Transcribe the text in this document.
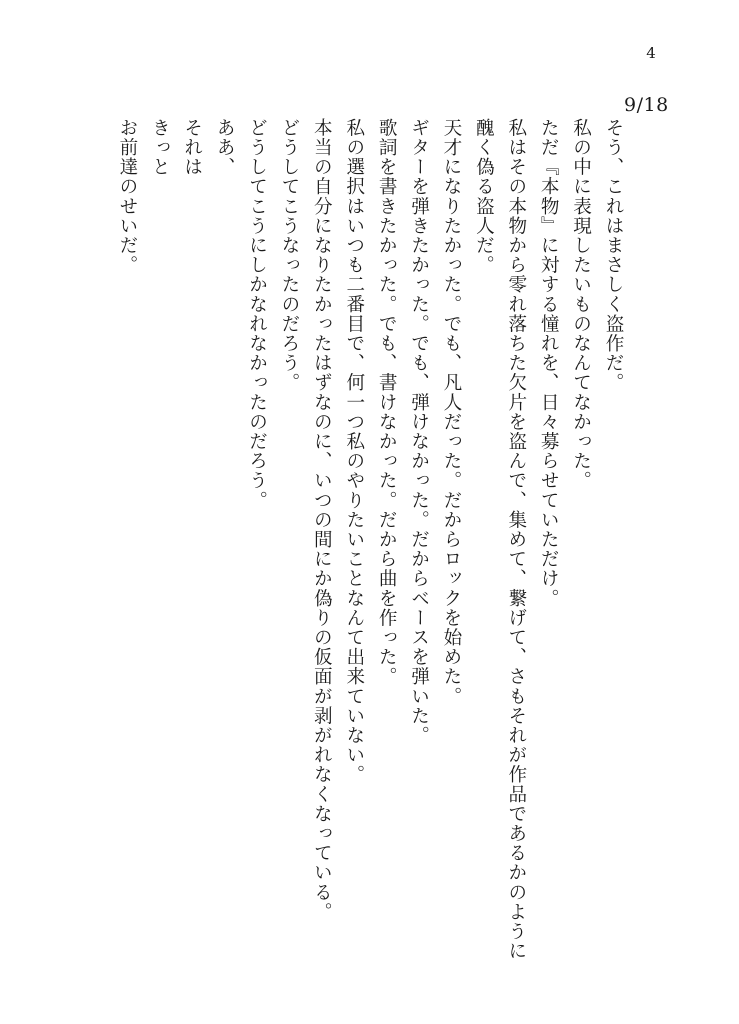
4
9/18
そう、これはまさしく盗作だ。
私の中に表現したいものなんてなかった。
ただ『本物』に対する憧れを、日々募らせていただけ。
私はその本物から零れ落ちた欠片を盗んで、集めて、繋げて、さもそれが作品であるかのように
醜く偽る盗人だ。
天才になりたかった。でも、凡人だった。だからロックを始めた。
ギターを弾きたかった。でも、弾けなかった。だからベースを弾いた。
歌詞を書きたかった。でも、書けなかった。だから曲を作った。
私の選択はいつも二番目で、何一つ私のやりたいことなんて出来ていない。
本当の自分になりたかったはずなのに、いつの間にか偽りの仮面が剥がれなくなっている。
どうしてこうなったのだろう。
どうしてこうにしかなれなかったのだろう。
ああ、
それは
きっと
お前達のせいだ。
